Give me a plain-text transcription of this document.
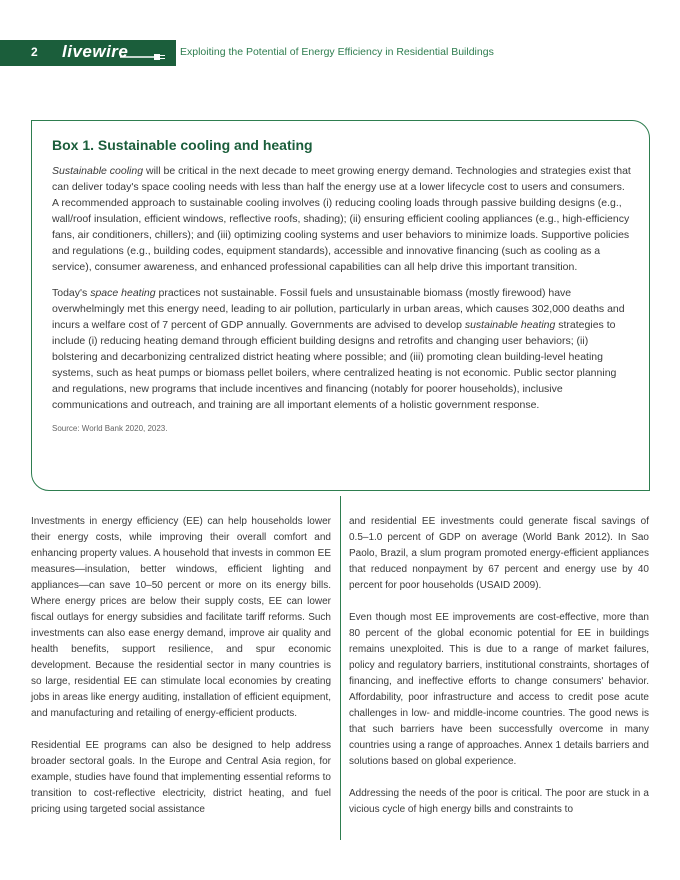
2 livewire	Exploiting the Potential of Energy Efficiency in Residential Buildings
Box 1. Sustainable cooling and heating

Sustainable cooling will be critical in the next decade to meet growing energy demand. Technologies and strategies exist that can deliver today's space cooling needs with less than half the energy use at a lower lifecycle cost to users and consumers. A recommended approach to sustainable cooling involves (i) reducing cooling loads through passive building designs (e.g., wall/roof insulation, efficient windows, reflective roofs, shading); (ii) ensuring efficient cooling appliances (e.g., high-efficiency fans, air conditioners, chillers); and (iii) optimizing cooling systems and user behaviors to minimize loads. Supportive policies and regulations (e.g., building codes, equipment standards), accessible and innovative financing (such as cooling as a service), consumer awareness, and enhanced professional capabilities can all help drive this important transition.

Today's space heating practices not sustainable. Fossil fuels and unsustainable biomass (mostly firewood) have overwhelmingly met this energy need, leading to air pollution, particularly in urban areas, which causes 302,000 deaths and incurs a welfare cost of 7 percent of GDP annually. Governments are advised to develop sustainable heating strategies to include (i) reducing heating demand through efficient building designs and retrofits and changing user behaviors; (ii) bolstering and decarbonizing centralized district heating where possible; and (iii) promoting clean building-level heating systems, such as heat pumps or biomass pellet boilers, where centralized heating is not economic. Public sector planning and regulations, new programs that include incentives and financing (notably for poorer households), inclusive communications and outreach, and training are all important elements of a holistic government response.

Source: World Bank 2020, 2023.

Investments in energy efficiency (EE) can help households lower their energy costs, while improving their overall comfort and enhancing property values. A household that invests in common EE measures—insulation, better windows, efficient lighting and appliances—can save 10–50 percent or more on its energy bills. Where energy prices are below their supply costs, EE can lower fiscal outlays for energy subsidies and facilitate tariff reforms. Such investments can also ease energy demand, improve air quality and health benefits, support resilience, and spur economic development. Because the residential sector in many countries is so large, residential EE can stimulate local economies by creating jobs in areas like energy auditing, installation of efficient equipment, and manufacturing and retailing of energy-efficient products.

Residential EE programs can also be designed to help address broader sectoral goals. In the Europe and Central Asia region, for example, studies have found that implementing essential reforms to transition to cost-reflective electricity, district heating, and fuel pricing using targeted social assistance

and residential EE investments could generate fiscal savings of 0.5–1.0 percent of GDP on average (World Bank 2012). In Sao Paolo, Brazil, a slum program promoted energy-efficient appliances that reduced nonpayment by 67 percent and energy use by 40 percent for poor households (USAID 2009).

Even though most EE improvements are cost-effective, more than 80 percent of the global economic potential for EE in buildings remains unexploited. This is due to a range of market failures, policy and regulatory barriers, institutional constraints, shortages of financing, and ineffective efforts to change consumers' behavior. Affordability, poor infrastructure and access to credit pose acute challenges in low- and middle-income countries. The good news is that such barriers have been successfully overcome in many countries using a range of approaches. Annex 1 details barriers and solutions based on global experience.

Addressing the needs of the poor is critical. The poor are stuck in a vicious cycle of high energy bills and constraints to
